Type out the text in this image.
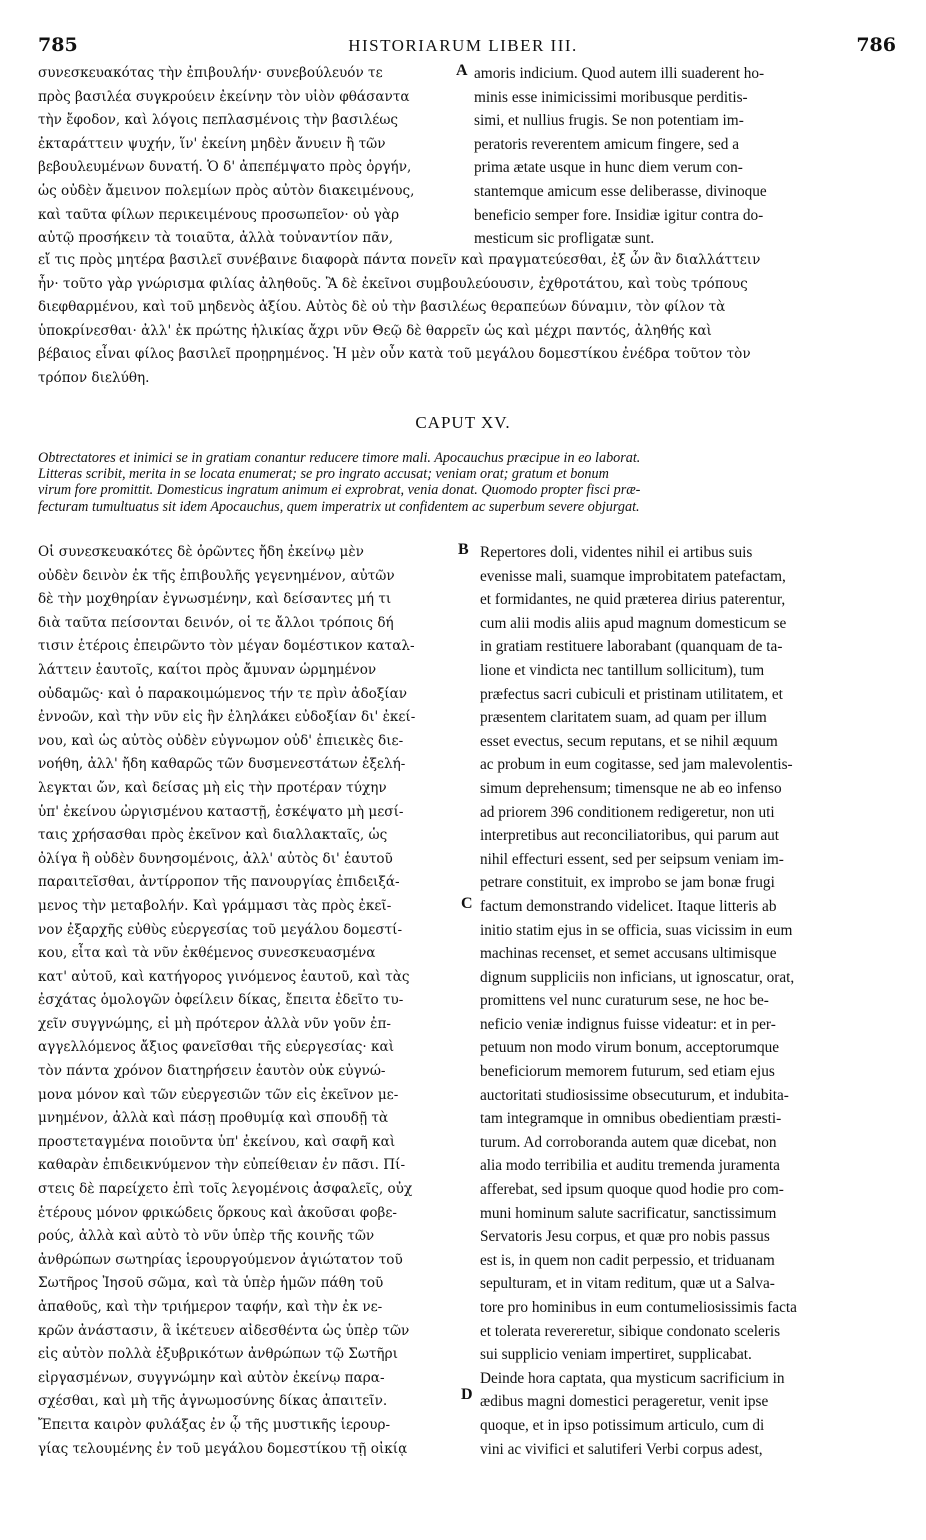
785	HISTORIARUM LIBER III.	786
A
B
C
D
συνεσκευακότας τὴν ἐπιβουλήν· συνεβούλευόν τε
πρὸς βασιλέα συγκρούειν ἐκείνην τὸν υἱὸν φθάσαντα
τὴν ἔφοδον, καὶ λόγοις πεπλασμένοις τὴν βασιλέως
ἐκταράττειν ψυχήν, ἵν' ἐκείνη μηδὲν ἄνυειν ἢ τῶν
βεβουλευμένων δυνατή. Ὁ δ' ἀπεπέμψατο πρὸς ὀργήν,
ὡς οὐδὲν ἄμεινον πολεμίων πρὸς αὐτὸν διακειμένους,
καὶ ταῦτα φίλων περικειμένους προσωπεῖον· οὐ γὰρ
αὐτῷ προσήκειν τὰ τοιαῦτα, ἀλλὰ τοὐναντίον πᾶν,
amoris indicium. Quod autem illi suaderent ho-
minis esse inimicissimi moribusque perditis-
simi, et nullius frugis. Se non potentiam im-
peratoris reverentem amicum fingere, sed a
prima ætate usque in hunc diem verum con-
stantemque amicum esse deliberasse, divinoque
beneficio semper fore. Insidiæ igitur contra do-
mesticum sic profligatæ sunt.
εἴ τις πρὸς μητέρα βασιλεῖ συνέβαινε διαφορὰ πάντα πονεῖν καὶ πραγματεύεσθαι, ἐξ ὧν ἂν διαλλάττειν
ἦν· τοῦτο γὰρ γνώρισμα φιλίας ἀληθοῦς. Ἃ δὲ ἐκεῖνοι συμβουλεύουσιν, ἐχθροτάτου, καὶ τοὺς τρόπους
διεφθαρμένου, καὶ τοῦ μηδενὸς ἀξίου. Αὐτὸς δὲ οὐ τὴν βασιλέως θεραπεύων δύναμιν, τὸν φίλον τὰ
ὑποκρίνεσθαι· ἀλλ' ἐκ πρώτης ἡλικίας ἄχρι νῦν Θεῷ δὲ θαρρεῖν ὡς καὶ μέχρι παντός, ἀληθής καὶ
βέβαιος εἶναι φίλος βασιλεῖ προῃρημένος. Ἡ μὲν οὖν κατὰ τοῦ μεγάλου δομεστίκου ἐνέδρα τοῦτον τὸν
τρόπον διελύθη.
CAPUT XV.
Obtrectatores et inimici se in gratiam conantur reducere timore mali. Apocauchus præcipue in eo laborat.
Litteras scribit, merita in se locata enumerat; se pro ingrato accusat; veniam orat; gratum et bonum
virum fore promittit. Domesticus ingratum animum ei exprobrat, venia donat. Quomodo propter fisci præ-
fecturam tumultuatus sit idem Apocauchus, quem imperatrix ut confidentem ac superbum severe objurgat.
Οἱ συνεσκευακότες δὲ ὁρῶντες ἤδη ἐκείνῳ μὲν
οὐδὲν δεινὸν ἐκ τῆς ἐπιβουλῆς γεγενημένον, αὐτῶν
δὲ τὴν μοχθηρίαν ἐγνωσμένην, καὶ δείσαντες μή τι
διὰ ταῦτα πείσονται δεινόν, οἱ τε ἄλλοι τρόποις δή
τισιν ἑτέροις ἐπειρῶντο τὸν μέγαν δομέστικον καταλ-
λάττειν ἑαυτοῖς, καίτοι πρὸς ἄμυναν ὡρμημένον
οὐδαμῶς· καὶ ὁ παρακοιμώμενος τήν τε πρὶν ἀδοξίαν
ἐννοῶν, καὶ τὴν νῦν εἰς ἣν ἐληλάκει εὐδοξίαν δι' ἐκεί-
νου, καὶ ὡς αὐτὸς οὐδὲν εὐγνωμον οὐδ' ἐπιεικὲς διε-
νοήθη, ἀλλ' ἤδη καθαρῶς τῶν δυσμενεστάτων ἐξελή-
λεγκται ὤν, καὶ δείσας μὴ εἰς τὴν προτέραν τύχην
ὑπ' ἐκείνου ὠργισμένου καταστῇ, ἐσκέψατο μὴ μεσί-
ταις χρήσασθαι πρὸς ἐκεῖνον καὶ διαλλακταῖς, ὡς
ὀλίγα ἢ οὐδὲν δυνησομένοις, ἀλλ' αὐτὸς δι' ἑαυτοῦ
παραιτεῖσθαι, ἀντίρροπον τῆς πανουργίας ἐπιδειξά-
μενος τὴν μεταβολήν. Καὶ γράμμασι τὰς πρὸς ἐκεῖ-
νον ἐξαρχῆς εὐθὺς εὐεργεσίας τοῦ μεγάλου δομεστί-
κου, εἶτα καὶ τὰ νῦν ἐκθέμενος συνεσκευασμένα
κατ' αὐτοῦ, καὶ κατήγορος γινόμενος ἑαυτοῦ, καὶ τὰς
ἐσχάτας ὁμολογῶν ὀφείλειν δίκας, ἔπειτα ἐδεῖτο τυ-
χεῖν συγγνώμης, εἰ μὴ πρότερον ἀλλὰ νῦν γοῦν ἐπ-
αγγελλόμενος ἄξιος φανεῖσθαι τῆς εὐεργεσίας· καὶ
τὸν πάντα χρόνον διατηρήσειν ἑαυτὸν οὐκ εὐγνώ-
μονα μόνον καὶ τῶν εὐεργεσιῶν τῶν εἰς ἐκεῖνον με-
μνημένον, ἀλλὰ καὶ πάσῃ προθυμίᾳ καὶ σπουδῇ τὰ
προστεταγμένα ποιοῦντα ὑπ' ἐκείνου, καὶ σαφῆ καὶ
καθαρὰν ἐπιδεικνύμενον τὴν εὐπείθειαν ἐν πᾶσι. Πί-
στεις δὲ παρείχετο ἐπὶ τοῖς λεγομένοις ἀσφαλεῖς, οὐχ
ἑτέρους μόνον φρικώδεις ὅρκους καὶ ἀκοῦσαι φοβε-
ρούς, ἀλλὰ καὶ αὐτὸ τὸ νῦν ὑπὲρ τῆς κοινῆς τῶν
ἀνθρώπων σωτηρίας ἱερουργούμενον ἁγιώτατον τοῦ
Σωτῆρος Ἰησοῦ σῶμα, καὶ τὰ ὑπὲρ ἡμῶν πάθη τοῦ
ἀπαθοῦς, καὶ τὴν τριήμερον ταφήν, καὶ τὴν ἐκ νε-
κρῶν ἀνάστασιν, ἃ ἱκέτευεν αἰδεσθέντα ὡς ὑπὲρ τῶν
εἰς αὐτὸν πολλὰ ἐξυβρικότων ἀνθρώπων τῷ Σωτῆρι
εἰργασμένων, συγγνώμην καὶ αὐτὸν ἐκείνῳ παρα-
σχέσθαι, καὶ μὴ τῆς ἀγνωμοσύνης δίκας ἀπαιτεῖν.
Ἔπειτα καιρὸν φυλάξας ἐν ᾧ τῆς μυστικῆς ἱερουρ-
γίας τελουμένης ἐν τοῦ μεγάλου δομεστίκου τῇ οἰκίᾳ
Repertores doli, videntes nihil ei artibus suis
evenisse mali, suamque improbitatem patefactam,
et formidantes, ne quid præterea dirius paterentur,
cum alii modis aliis apud magnum domesticum se
in gratiam restituere laborabant (quanquam de ta-
lione et vindicta nec tantillum sollicitum), tum
præfectus sacri cubiculi et pristinam utilitatem, et
præsentem claritatem suam, ad quam per illum
esset evectus, secum reputans, et se nihil æquum
ac probum in eum cogitasse, sed jam malevolentis-
simum deprehensum; timensque ne ab eo infenso
ad priorem 396 conditionem redigeretur, non uti
interpretibus aut reconciliatoribus, qui parum aut
nihil effecturi essent, sed per seipsum veniam im-
petrare constituit, ex improbo se jam bonæ frugi
factum demonstrando videlicet. Itaque litteris ab
initio statim ejus in se officia, suas vicissim in eum
machinas recenset, et semet accusans ultimisque
dignum suppliciis non inficians, ut ignoscatur, orat,
promittens vel nunc curaturum sese, ne hoc be-
neficio veniæ indignus fuisse videatur: et in per-
petuum non modo virum bonum, acceptorumque
beneficiorum memorem futurum, sed etiam ejus
auctoritati studiosissime obsecuturum, et indubita-
tam integramque in omnibus obedientiam præsti-
turum. Ad corroborandа autem quæ dicebat, non
alia modo terribilia et auditu tremenda juramenta
afferebat, sed ipsum quoque quod hodie pro com-
muni hominum salute sacrificatur, sanctissimum
Servatoris Jesu corpus, et quæ pro nobis passus
est is, in quem non cadit perpessio, et triduanam
sepulturam, et in vitam reditum, quæ ut a Salva-
tore pro hominibus in eum contumeliosissimis facta
et tolerata revereretur, sibique condonato sceleris
sui supplicio veniam impertiret, supplicabat.
Deinde hora captata, qua mysticum sacrificium in
ædibus magni domestici perageretur, venit ipse
quoque, et in ipso potissimum articulo, cum di
vini ac vivifici et salutiferi Verbi corpus adest,
